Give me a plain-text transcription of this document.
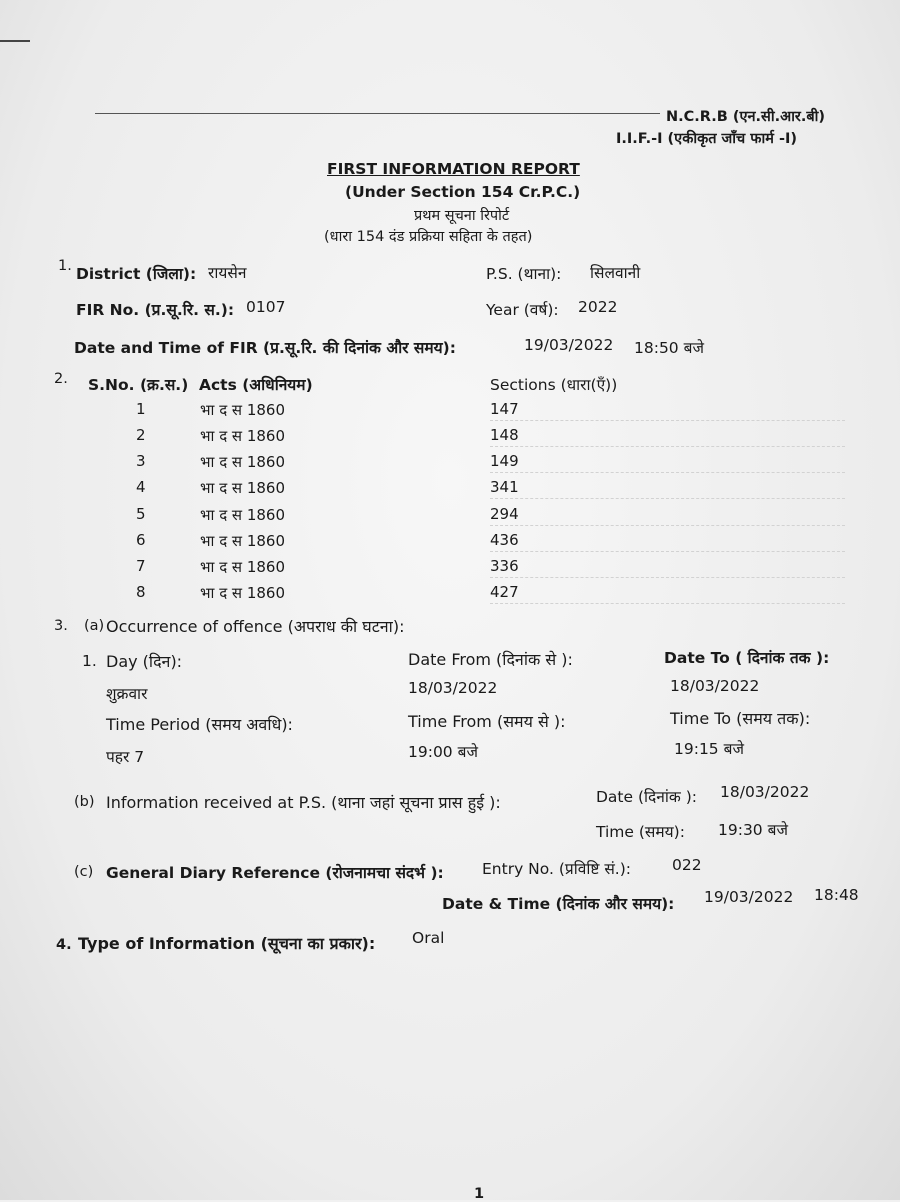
N.C.R.B (एन.सी.आर.बी)
I.I.F.-I (एकीकृत जाँच फार्म -I)
FIRST INFORMATION REPORT
(Under Section 154 Cr.P.C.)
प्रथम सूचना रिपोर्ट
(धारा 154 दंड प्रक्रिया सहिता के तहत)
1. District (जिला): रायसेन	P.S. (थाना): सिलवानी
FIR No. (प्र.सू.रि. स.): 0107	Year (वर्ष): 2022
Date and Time of FIR (प्र.सू.रि. की दिनांक और समय):	19/03/2022 18:50 बजे
2. S.No. (क्र.स.) Acts (अधिनियम)	Sections (धारा(एँ))
1	भा द स 1860	147
2	भा द स 1860	148
3	भा द स 1860	149
4	भा द स 1860	341
5	भा द स 1860	294
6	भा द स 1860	436
7	भा द स 1860	336
8	भा द स 1860	427
3. (a) Occurrence of offence (अपराध की घटना):
1. Day (दिन):	Date From (दिनांक से ):	Date To ( दिनांक तक ):
शुक्रवार	18/03/2022	18/03/2022
Time Period (समय अवधि):	Time From (समय से ):	Time To (समय तक):
पहर 7	19:00 बजे	19:15 बजे
(b) Information received at P.S. (थाना जहां सूचना प्रास हुई ):	Date (दिनांक ): 18/03/2022
Time (समय): 19:30 बजे
(c) General Diary Reference (रोजनामचा संदर्भ ): Entry No. (प्रविष्टि सं.):	022
Date & Time (दिनांक और समय): 19/03/2022 18:48
4. Type of Information (सूचना का प्रकार): Oral
1
